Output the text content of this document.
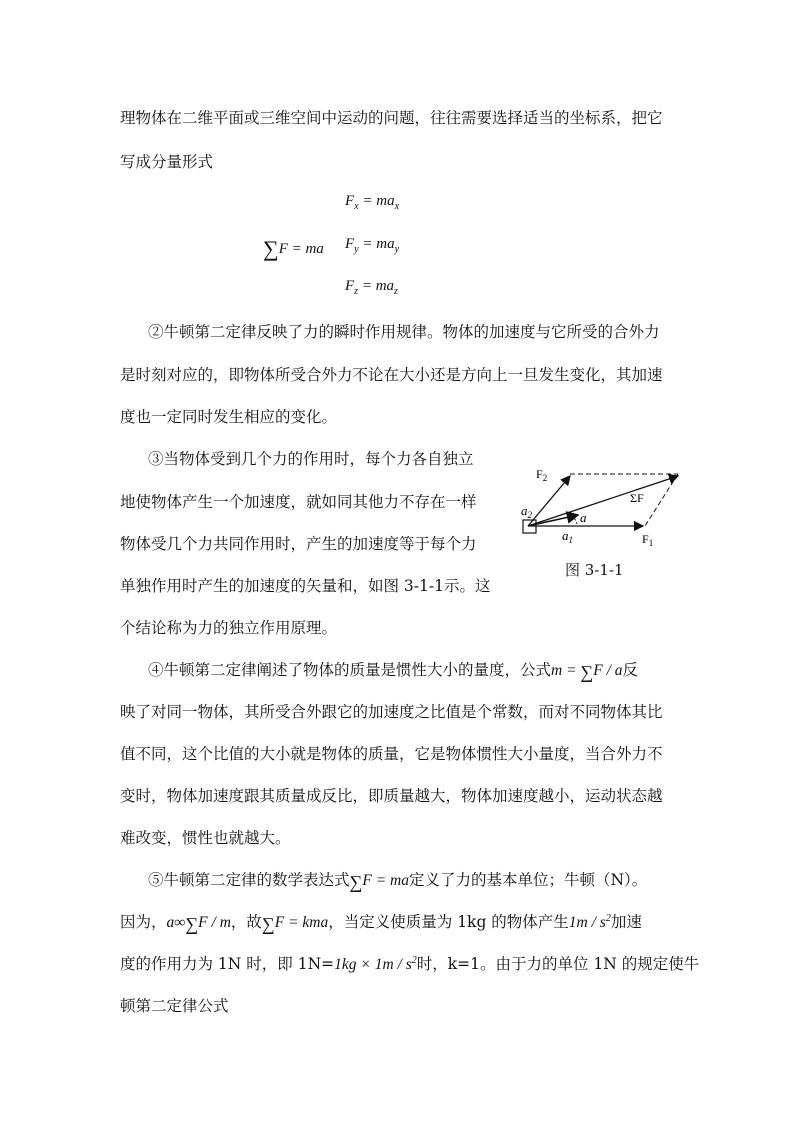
理物体在二维平面或三维空间中运动的问题，往往需要选择适当的坐标系，把它
写成分量形式
$F_x = ma_x$
∑F = ma $F_y = ma_y$
$F_z = ma_z$
②牛顿第二定律反映了力的瞬时作用规律。物体的加速度与它所受的合外力
是时刻对应的，即物体所受合外力不论在大小还是方向上一旦发生变化，其加速
度也一定同时发生相应的变化。
③当物体受到几个力的作用时，每个力各自独立
地使物体产生一个加速度，就如同其他力不存在一样
物体受几个力共同作用时，产生的加速度等于每个力
单独作用时产生的加速度的矢量和，如图 3-1-1示。这
个结论称为力的独立作用原理。
$F_2$
$a_2$
ΣF
a
$a_1$	$F_1$
图 3-1-1
④牛顿第二定律阐述了物体的质量是惯性大小的量度，公式m = ∑F / a反
映了对同一物体，其所受合外跟它的加速度之比值是个常数，而对不同物体其比
值不同，这个比值的大小就是物体的质量，它是物体惯性大小量度，当合外力不
变时，物体加速度跟其质量成反比，即质量越大，物体加速度越小，运动状态越
难改变，惯性也就越大。
⑤牛顿第二定律的数学表达式∑F = ma定义了力的基本单位；牛顿（N）。
因为，a∞∑F / m，故∑F = kma，当定义使质量为 1kg 的物体产生$1m / s^2$加速
度的作用力为 1N 时，即 $1N=1kg \times 1m / s^2$时，k=1。由于力的单位 1N 的规定使牛
顿第二定律公式
